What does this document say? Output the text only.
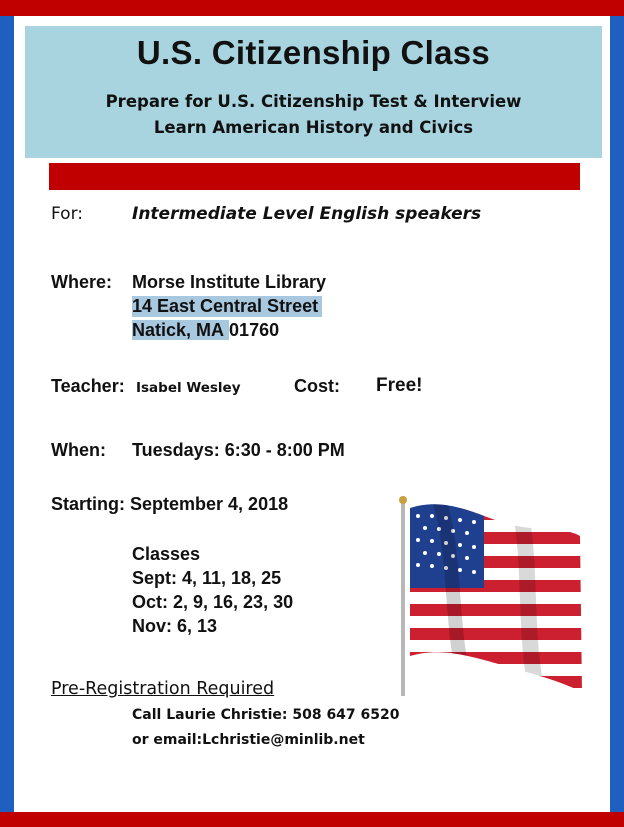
U.S. Citizenship Class
Prepare for U.S. Citizenship Test & Interview
Learn American History and Civics
For:	Intermediate Level English speakers
Where: Morse Institute Library
14 East Central Street
Natick, MA 01760
Teacher: Isabel Wesley	Cost: Free!
When: Tuesdays: 6:30 - 8:00 PM
Starting: September 4, 2018
Classes
Sept: 4, 11, 18, 25
Oct: 2, 9, 16, 23, 30
Nov: 6, 13
Pre-Registration Required
Call Laurie Christie: 508 647 6520
or email:Lchristie@minlib.net
